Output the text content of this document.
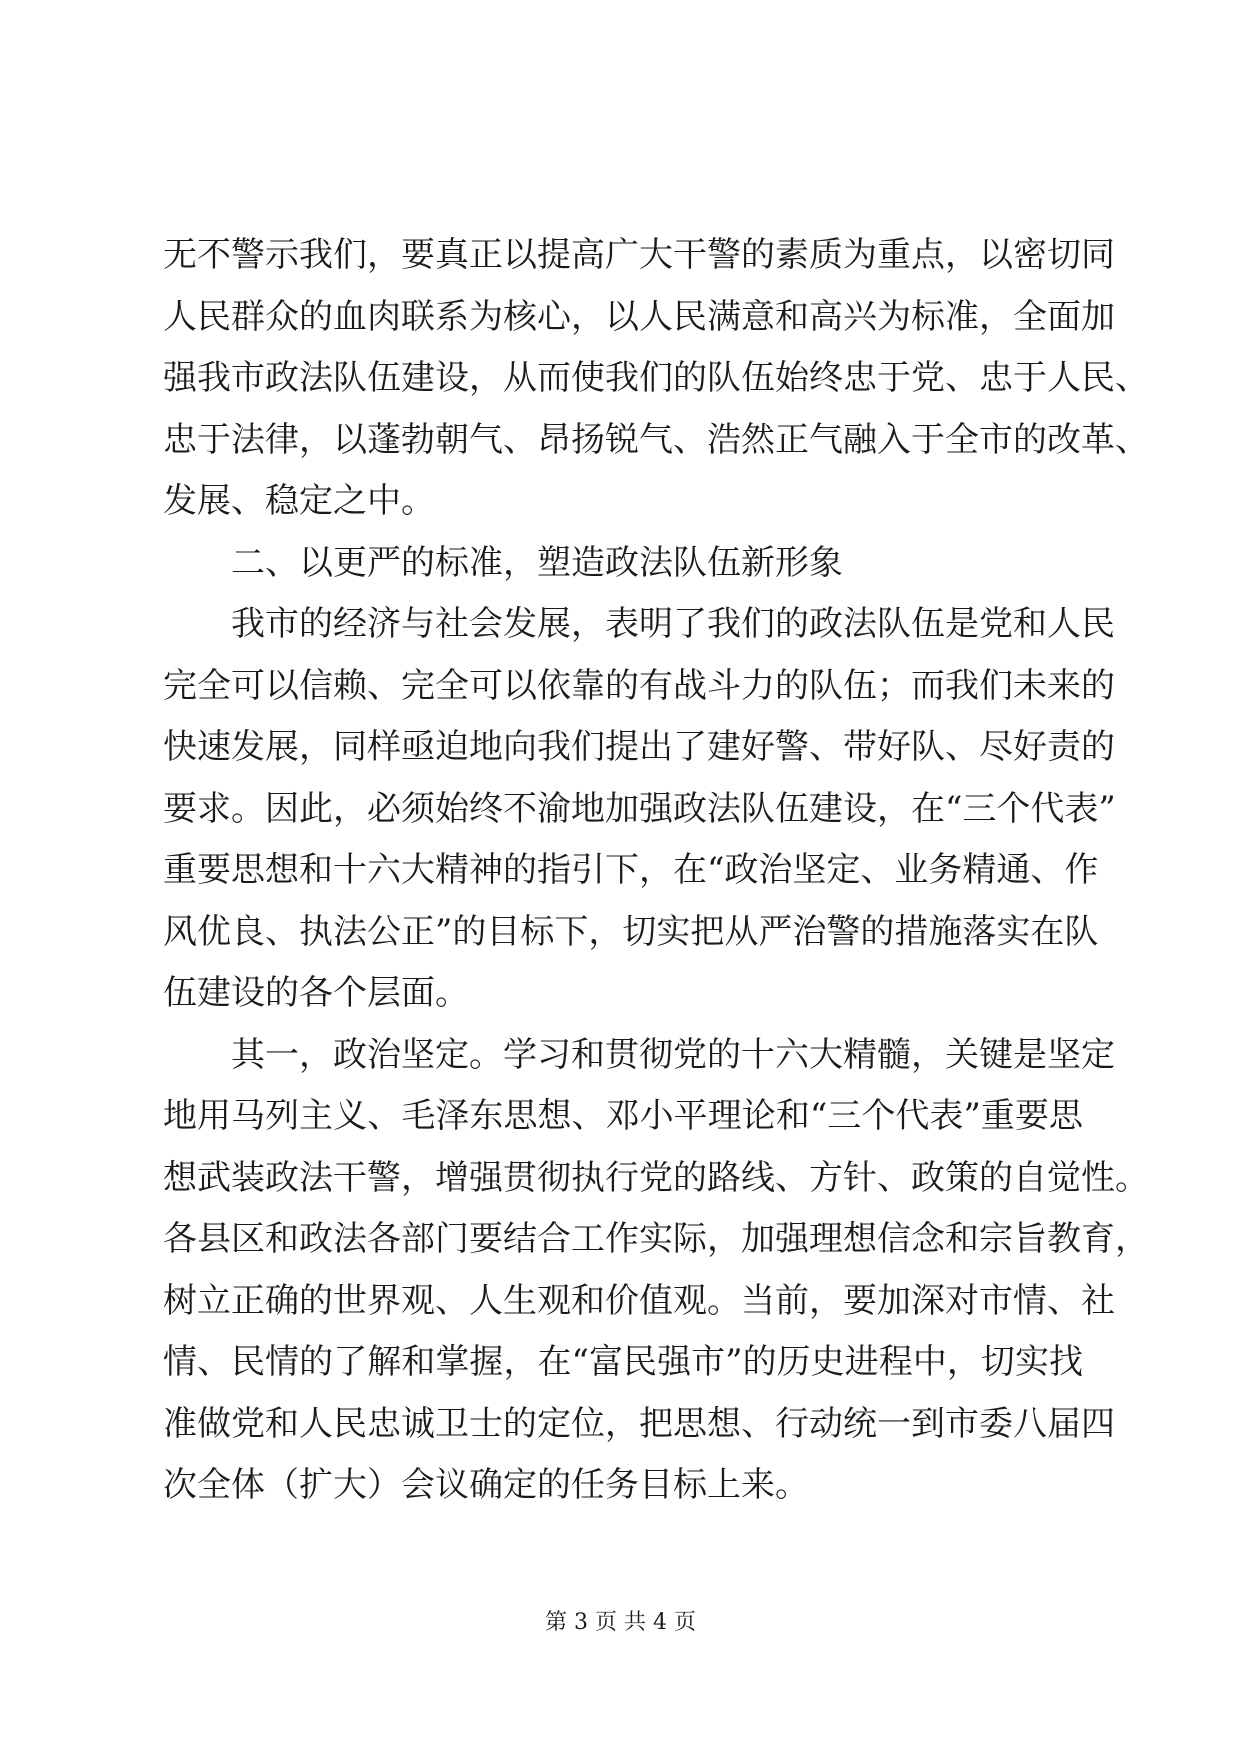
无不警示我们，要真正以提高广大干警的素质为重点，以密切同
人民群众的血肉联系为核心，以人民满意和高兴为标准，全面加
强我市政法队伍建设，从而使我们的队伍始终忠于党、忠于人民、
忠于法律，以蓬勃朝气、昂扬锐气、浩然正气融入于全市的改革、
发展、稳定之中。
二、以更严的标准，塑造政法队伍新形象
我市的经济与社会发展，表明了我们的政法队伍是党和人民
完全可以信赖、完全可以依靠的有战斗力的队伍；而我们未来的
快速发展，同样亟迫地向我们提出了建好警、带好队、尽好责的
要求。因此，必须始终不渝地加强政法队伍建设，在“三个代表”
重要思想和十六大精神的指引下，在“政治坚定、业务精通、作
风优良、执法公正”的目标下，切实把从严治警的措施落实在队
伍建设的各个层面。
其一，政治坚定。学习和贯彻党的十六大精髓，关键是坚定
地用马列主义、毛泽东思想、邓小平理论和“三个代表”重要思
想武装政法干警，增强贯彻执行党的路线、方针、政策的自觉性。
各县区和政法各部门要结合工作实际，加强理想信念和宗旨教育，
树立正确的世界观、人生观和价值观。当前，要加深对市情、社
情、民情的了解和掌握，在“富民强市”的历史进程中，切实找
准做党和人民忠诚卫士的定位，把思想、行动统一到市委八届四
次全体（扩大）会议确定的任务目标上来。
第 3 页 共 4 页
